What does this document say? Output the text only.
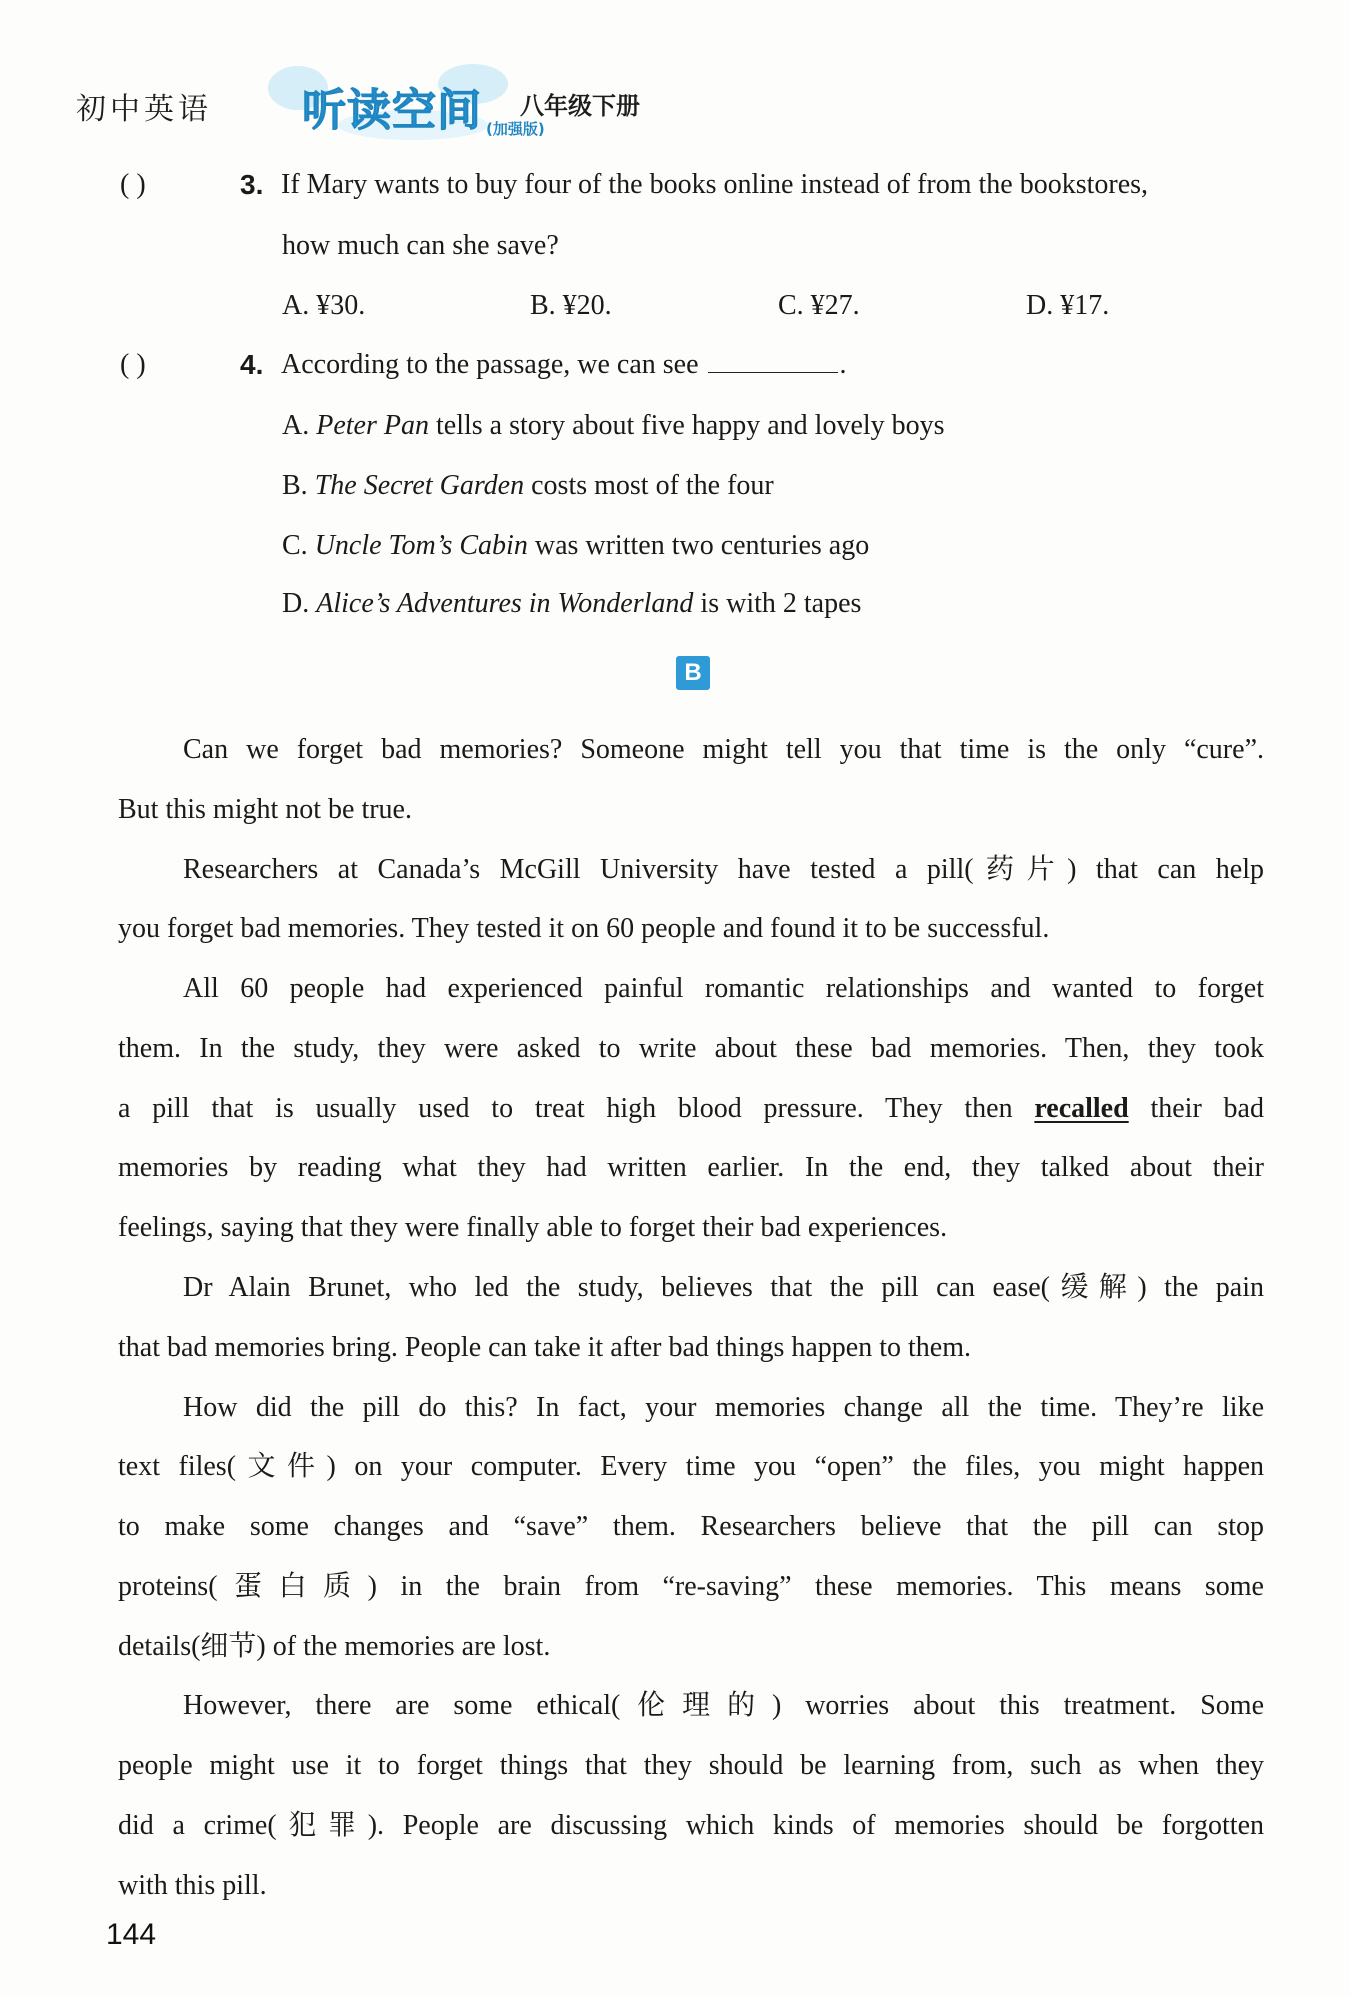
初中英语 听读空间 (加强版)
八年级下册
( )	3. If Mary wants to buy four of the books online instead of from the bookstores,
how much can she save?
A. ¥30.	B. ¥20.	C. ¥27.	D. ¥17.
( )	4. According to the passage, we can see	.
A. Peter Pan tells a story about five happy and lovely boys
B. The Secret Garden costs most of the four
C. Uncle Tom’s Cabin was written two centuries ago
D. Alice’s Adventures in Wonderland is with 2 tapes
B
Can we forget bad memories? Someone might tell you that time is the only “cure”.
But this might not be true.
Researchers at Canada’s McGill University have tested a pill(药片) that can help
you forget bad memories. They tested it on 60 people and found it to be successful.
All 60 people had experienced painful romantic relationships and wanted to forget
them. In the study, they were asked to write about these bad memories. Then, they took
a pill that is usually used to treat high blood pressure. They then recalled their bad
memories by reading what they had written earlier. In the end, they talked about their
feelings, saying that they were finally able to forget their bad experiences.
Dr Alain Brunet, who led the study, believes that the pill can ease(缓解) the pain
that bad memories bring. People can take it after bad things happen to them.
How did the pill do this? In fact, your memories change all the time. They’re like
text files(文件) on your computer. Every time you “open” the files, you might happen
to make some changes and “save” them. Researchers believe that the pill can stop
proteins(蛋白质) in the brain from “re-saving” these memories. This means some
details(细节) of the memories are lost.
However, there are some ethical(伦理的) worries about this treatment. Some
people might use it to forget things that they should be learning from, such as when they
did a crime(犯罪). People are discussing which kinds of memories should be forgotten
with this pill.
144
